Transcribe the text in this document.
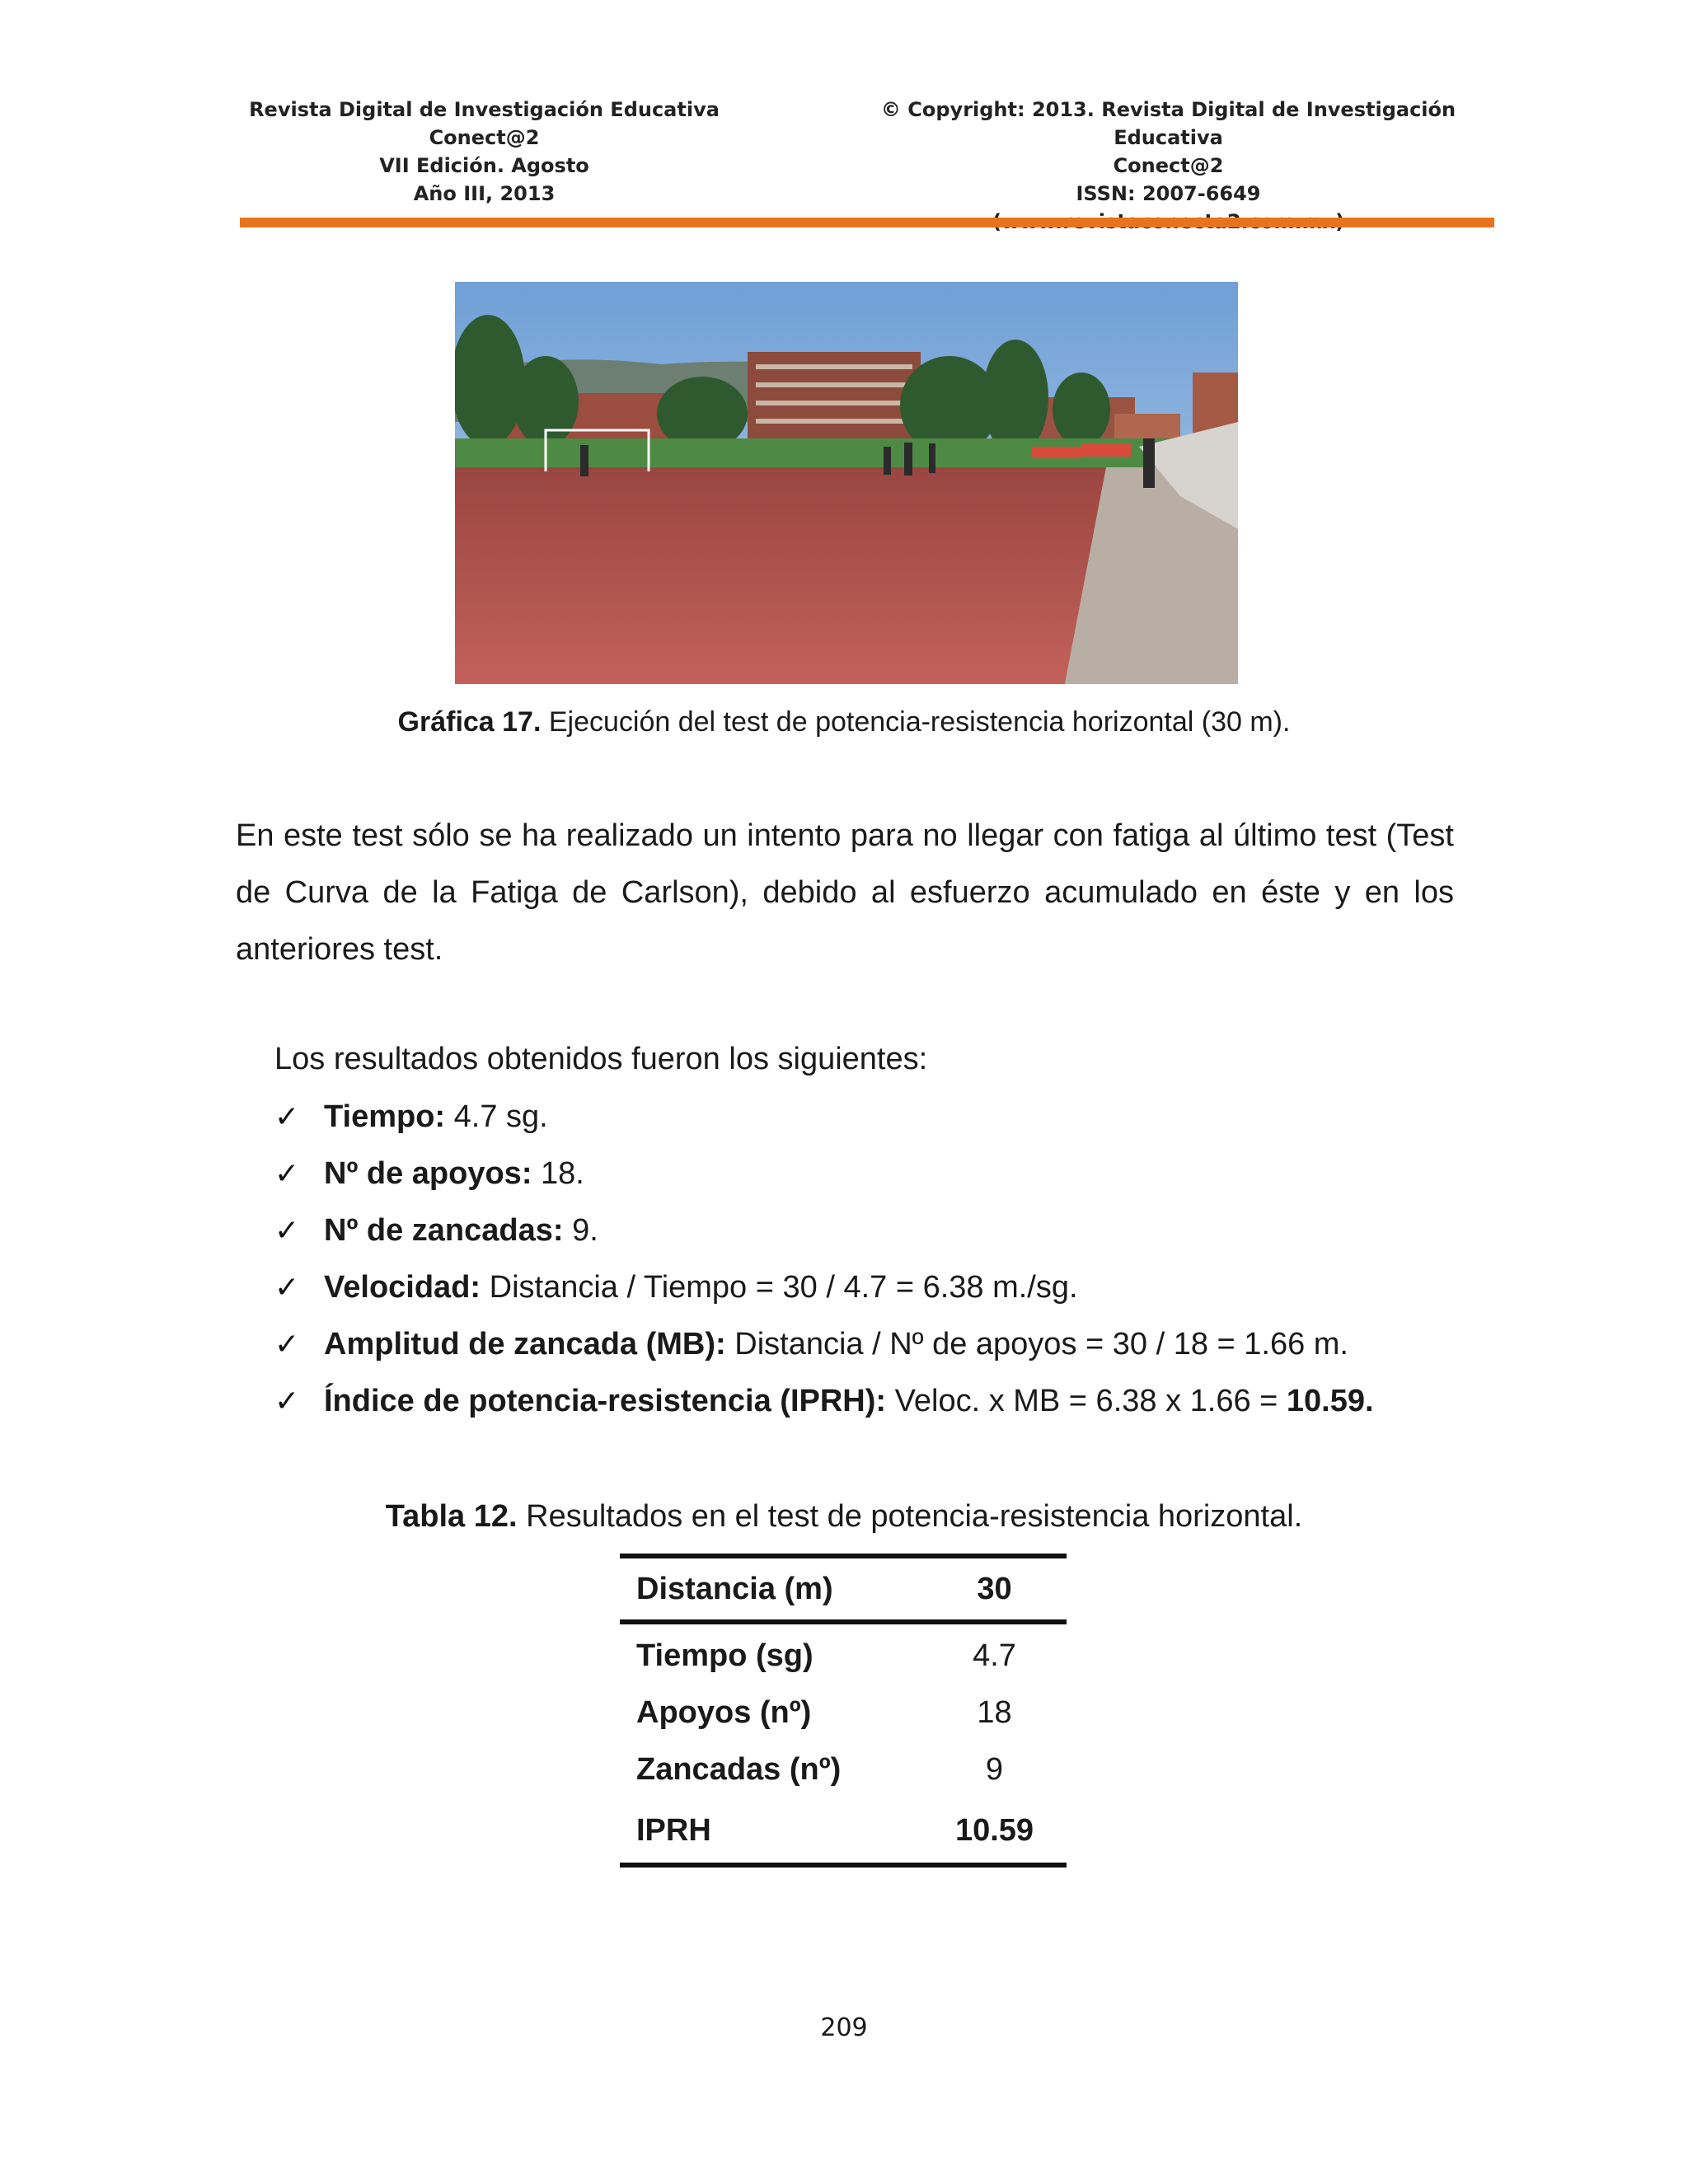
Revista Digital de Investigación Educativa
Conect@2
VII Edición. Agosto
Año III, 2013
© Copyright: 2013. Revista Digital de Investigación Educativa
Conect@2
ISSN: 2007-6649
Gráfica 17. Ejecución del test de potencia-resistencia horizontal (30 m).
En este test sólo se ha realizado un intento para no llegar con fatiga al último test (Test de Curva de la Fatiga de Carlson), debido al esfuerzo acumulado en éste y en los anteriores test.
Los resultados obtenidos fueron los siguientes:
✓ Tiempo: 4.7 sg.
✓ Nº de apoyos: 18.
✓ Nº de zancadas: 9.
✓ Velocidad: Distancia / Tiempo = 30 / 4.7 = 6.38 m./sg.
✓ Amplitud de zancada (MB): Distancia / Nº de apoyos = 30 / 18 = 1.66 m.
✓ Índice de potencia-resistencia (IPRH): Veloc. x MB = 6.38 x 1.66 = 10.59.
Tabla 12. Resultados en el test de potencia-resistencia horizontal.
Distancia (m)	30
Tiempo (sg)	4.7
Apoyos (nº)	18
Zancadas (nº)	9
IPRH	10.59
209
